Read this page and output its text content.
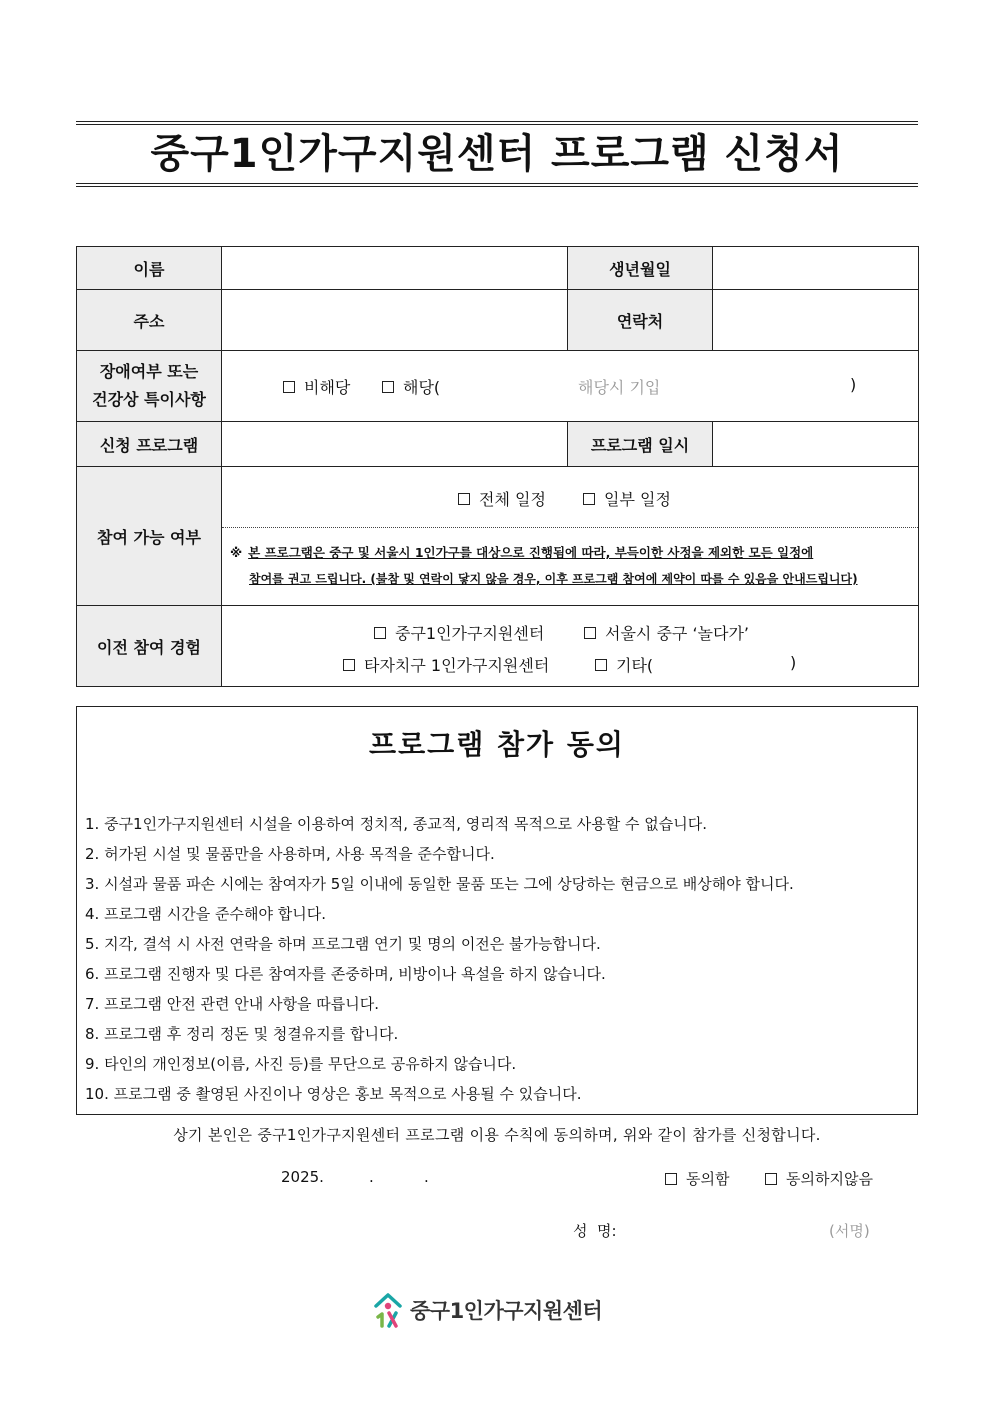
중구1인가구지원센터 프로그램 신청서
이름		생년월일	
주소		연락처	
장애여부 또는
건강상 특이사항	비해당 해당( 해당시 기입 )		

신청 프로그램		프로그램 일시	
참여 가능 여부	전체 일정 일부 일정
※ 본 프로그램은 중구 및 서울시 1인가구를 대상으로 진행됨에 따라, 부득이한 사정을 제외한 모든 일정에
참여를 권고 드립니다. (불참 및 연락이 닿지 않을 경우, 이후 프로그램 참여에 제약이 따를 수 있음을 안내드립니다)		

이전 참여 경험	중구1인가구지원센터 서울시 중구 ‘놀다가’
타자치구 1인가구지원센터 기타( )		
프로그램 참가 동의
1. 중구1인가구지원센터 시설을 이용하여 정치적, 종교적, 영리적 목적으로 사용할 수 없습니다.
2. 허가된 시설 및 물품만을 사용하며, 사용 목적을 준수합니다.
3. 시설과 물품 파손 시에는 참여자가 5일 이내에 동일한 물품 또는 그에 상당하는 현금으로 배상해야 합니다.
4. 프로그램 시간을 준수해야 합니다.
5. 지각, 결석 시 사전 연락을 하며 프로그램 연기 및 명의 이전은 불가능합니다.
6. 프로그램 진행자 및 다른 참여자를 존중하며, 비방이나 욕설을 하지 않습니다.
7. 프로그램 안전 관련 안내 사항을 따릅니다.
8. 프로그램 후 정리 정돈 및 청결유지를 합니다.
9. 타인의 개인정보(이름, 사진 등)를 무단으로 공유하지 않습니다.
10. 프로그램 중 촬영된 사진이나 영상은 홍보 목적으로 사용될 수 있습니다.
상기 본인은 중구1인가구지원센터 프로그램 이용 수칙에 동의하며, 위와 같이 참가를 신청합니다.
2025.	.	.	동의함	동의하지않음
성  명:	(서명)
중구1인가구지원센터
